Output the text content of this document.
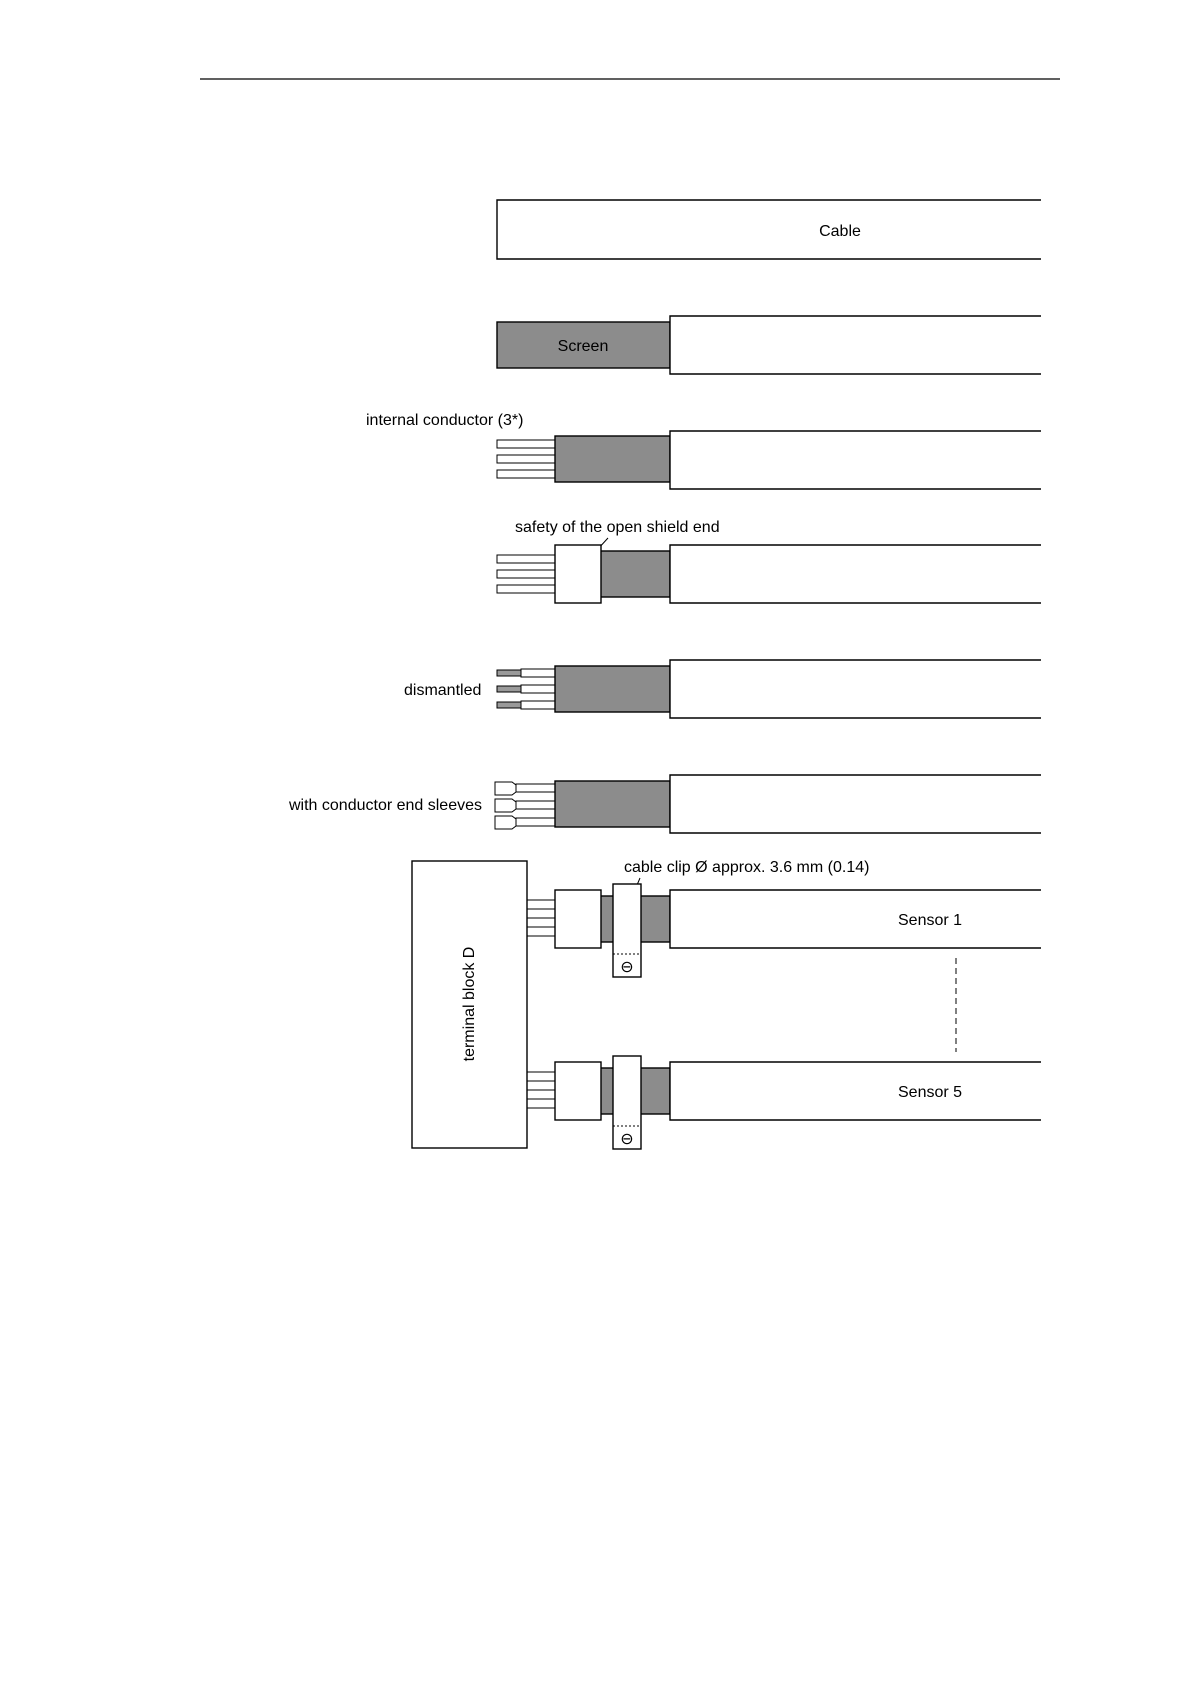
Cable
Screen
internal conductor (3*)
safety of the open shield end
dismantled
with conductor end sleeves
terminal block D
cable clip Ø approx. 3.6 mm (0.14)
⊖
Sensor 1
⊖
Sensor 5
